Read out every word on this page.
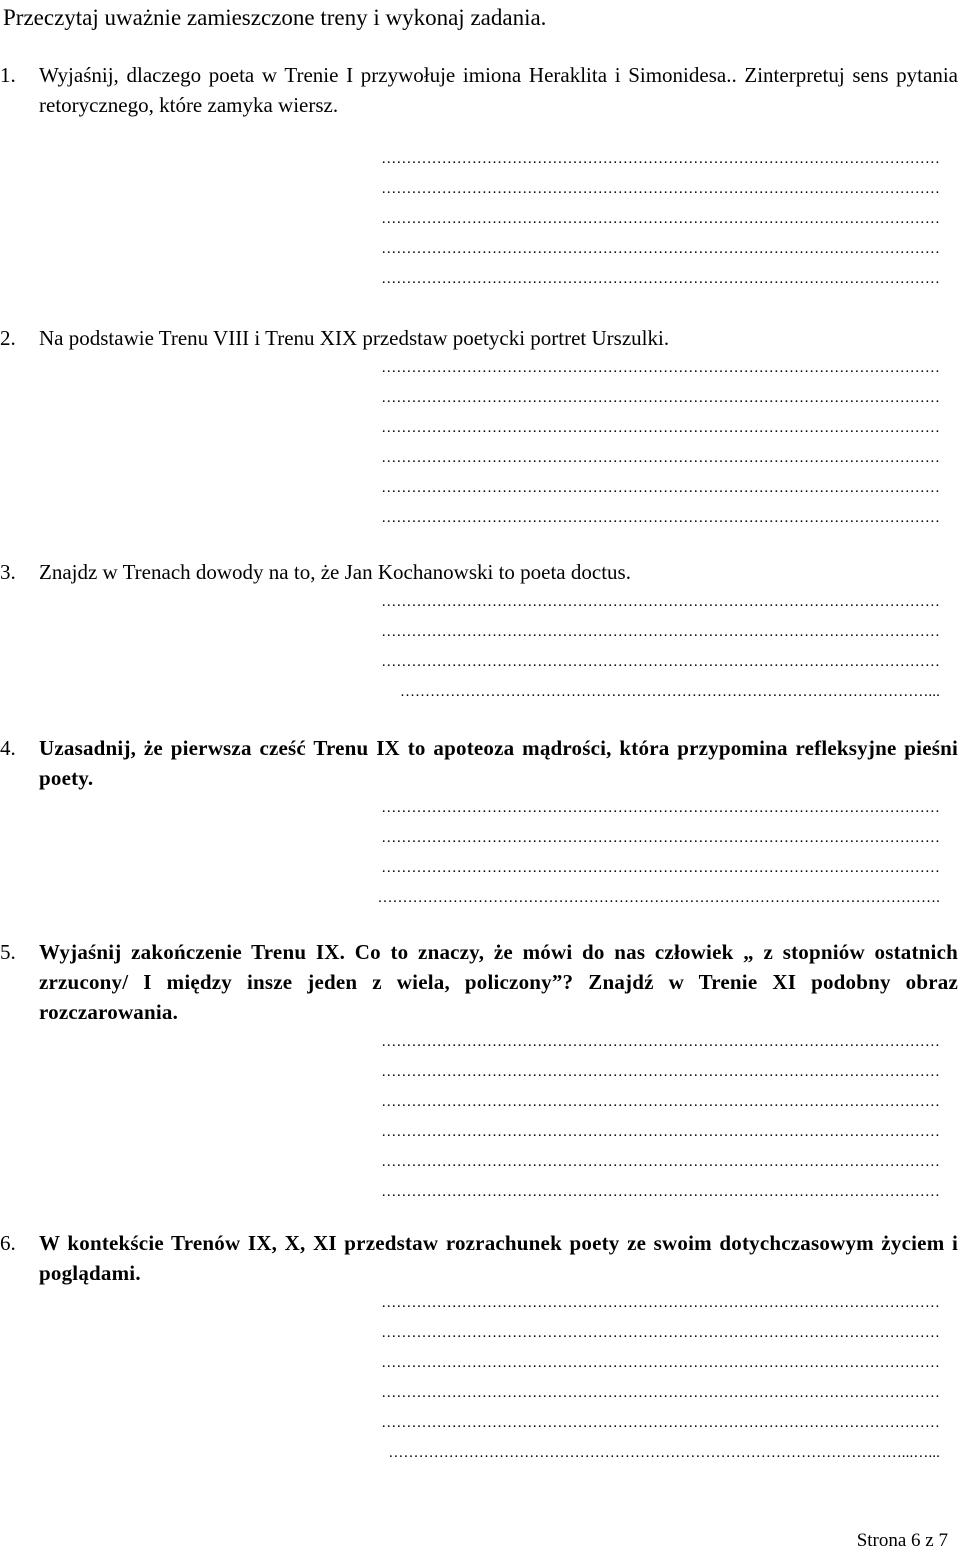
Przeczytaj uważnie zamieszczone treny i wykonaj zadania.
1. Wyjaśnij, dlaczego poeta w Trenie I przywołuje imiona Heraklita i Simonidesa.. Zinterpretuj sens pytania retorycznego, które zamyka wiersz.
…………………………………………………………………………………………………
…………………………………………………………………………………………………
…………………………………………………………………………………………………
…………………………………………………………………………………………………
…………………………………………………………………………………………………
2. Na podstawie Trenu VIII i Trenu XIX przedstaw poetycki portret Urszulki.
…………………………………………………………………………………………………
…………………………………………………………………………………………………
…………………………………………………………………………………………………
…………………………………………………………………………………………………
…………………………………………………………………………………………………
…………………………………………………………………………………………………
3. Znajdz w Trenach dowody na to, że Jan Kochanowski to poeta doctus.
…………………………………………………………………………………………………
…………………………………………………………………………………………………
…………………………………………………………………………………………………
……………………………………………………………………………………………...
4. Uzasadnij, że pierwsza cześć Trenu IX to apoteoza mądrości, która przypomina refleksyjne pieśni poety.
…………………………………………………………………………………………………
…………………………………………………………………………………………………
…………………………………………………………………………………………………
………………………………………………………………………………………………….
5. Wyjaśnij zakończenie Trenu IX. Co to znaczy, że mówi do nas człowiek „ z stopniów ostatnich zrzucony/ I między insze jeden z wiela, policzony”? Znajdź w Trenie XI podobny obraz rozczarowania.
…………………………………………………………………………………………………
…………………………………………………………………………………………………
…………………………………………………………………………………………………
…………………………………………………………………………………………………
…………………………………………………………………………………………………
…………………………………………………………………………………………………
6. W kontekście Trenów IX, X, XI przedstaw rozrachunek poety ze swoim dotychczasowym życiem i poglądami.
…………………………………………………………………………………………………
…………………………………………………………………………………………………
…………………………………………………………………………………………………
…………………………………………………………………………………………………
…………………………………………………………………………………………………
…………………………………………………………………………………………...…...
Strona 6 z 7
